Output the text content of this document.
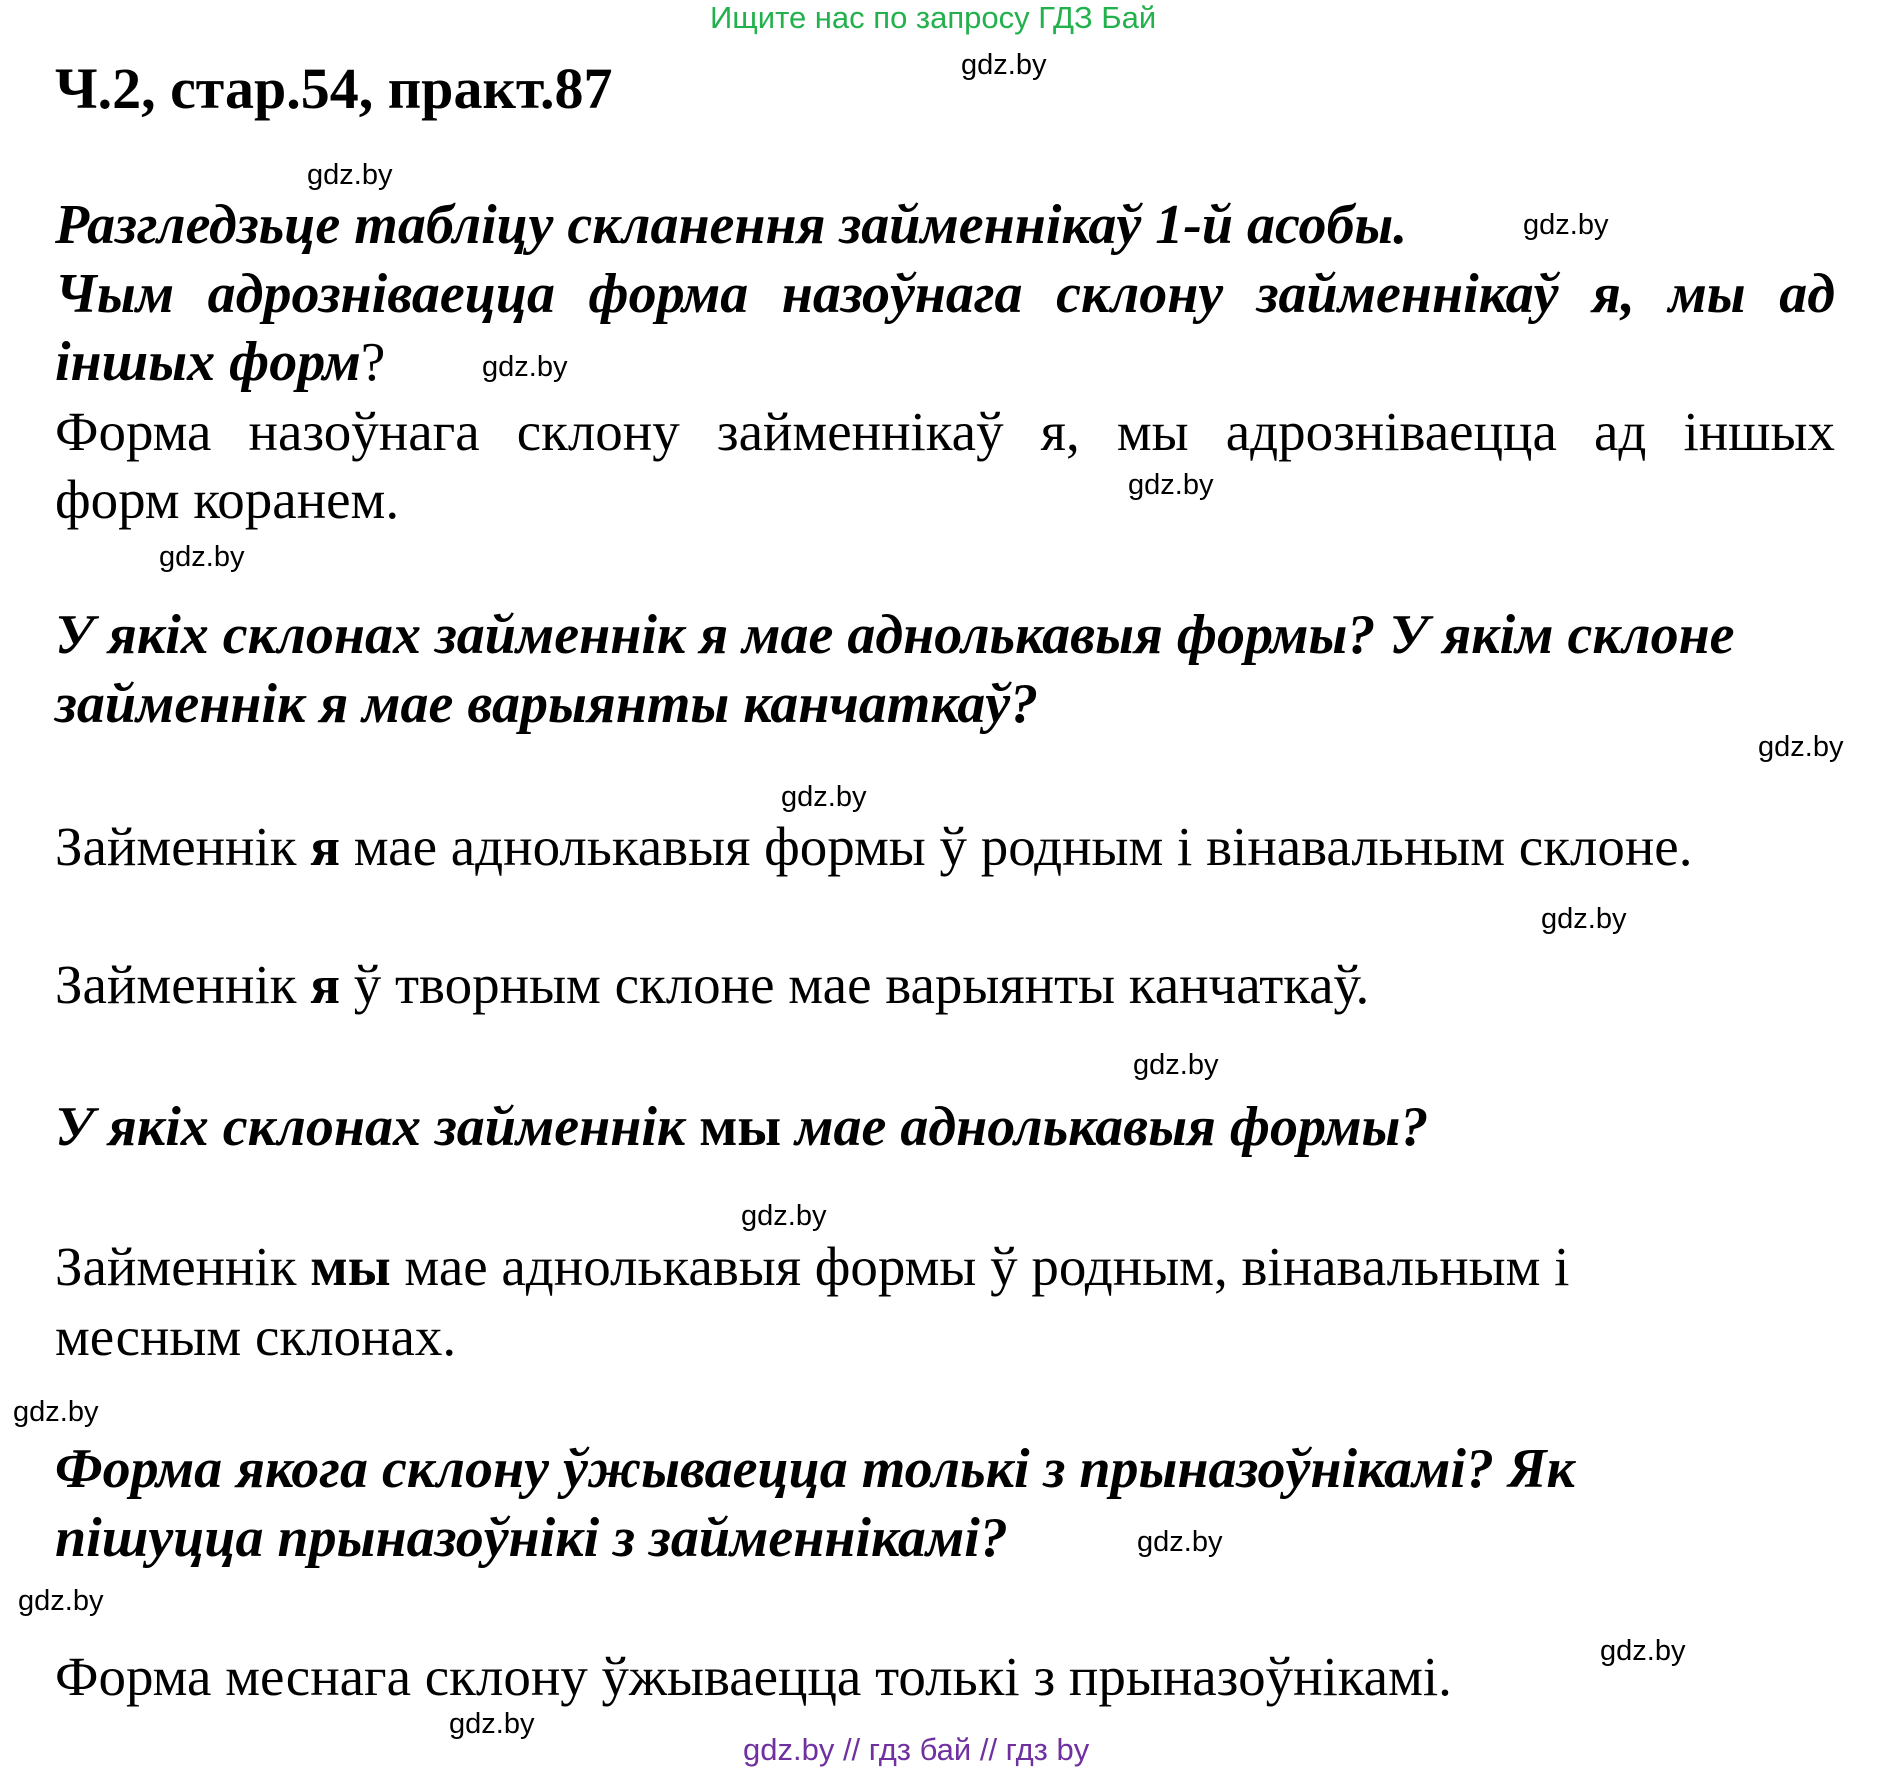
Ищите нас по запросу ГДЗ Бай
Ч.2, стар.54, практ.87
Разгледзьце табліцу скланення займеннікаў 1-й асобы.
Чым адрозніваецца форма назоўнага склону займеннікаў я, мы ад
іншых форм?
Форма назоўнага склону займеннікаў я, мы адрозніваецца ад іншых
форм коранем.
У якіх склонах займеннік я мае аднолькавыя формы? У якім склоне
займеннік я мае варыянты канчаткаў?
Займеннік я мае аднолькавыя формы ў родным і вінавальным склоне.
Займеннік я ў творным склоне мае варыянты канчаткаў.
У якіх склонах займеннік мы мае аднолькавыя формы?
Займеннік мы мае аднолькавыя формы ў родным, вінавальным і
месным склонах.
Форма якога склону ўжываецца толькі з прыназоўнікамі? Як
пішуцца прыназоўнікі з займеннікамі?
Форма меснага склону ўжываецца толькі з прыназоўнікамі.
gdz.by
gdz.by
gdz.by
gdz.by
gdz.by
gdz.by
gdz.by
gdz.by
gdz.by
gdz.by
gdz.by
gdz.by
gdz.by
gdz.by
gdz.by
gdz.by
gdz.by // гдз бай // гдз by
